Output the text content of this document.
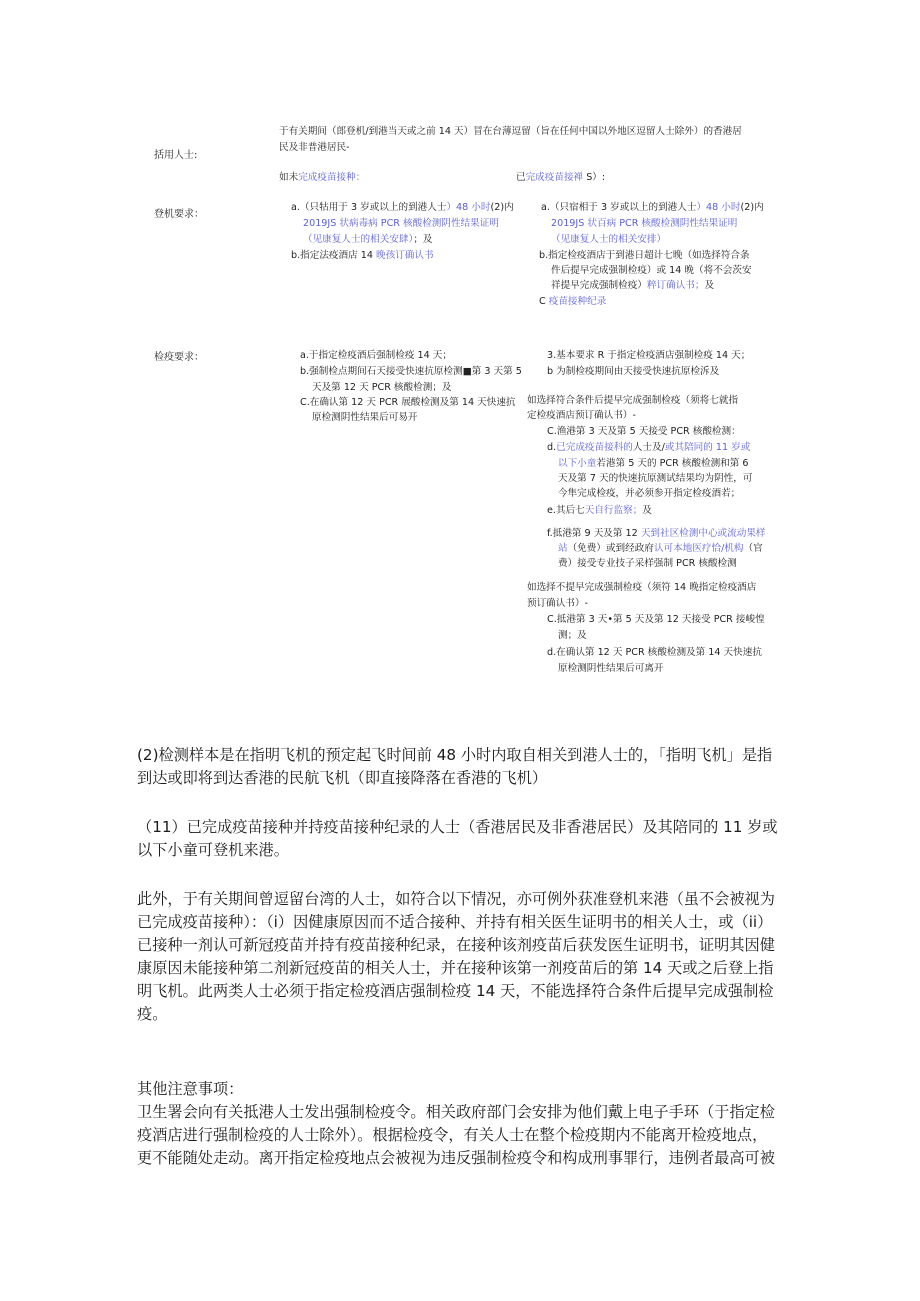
括用人士:
登机要求：
检疫要求：
于有关期间（郎登机/到港当天或之前 14 天）冒在台薄逗留（旨在任何中国以外地区逗留人士除外）的香港居
民及非普港居民-
如未完成疫苗接种：	已完成疫苗接禅 S）:
a.（只牯用于 3 岁或以上的到港人士）48 小时(2)内
2019JS 状病毒病 PCR 核酸检测阴性结果证明
（见康复人士的相关安肆）；及
b.指定法疫酒店 14 晚孩订确认书
a.（只宿相于 3 岁或以上的到港人士）48 小时(2)内
2019JS 状百病 PCR 核酸检测阴性结果证明
（见康复人士的相关安排）
b.指定检疫酒店于到港日超计七晚（如选择符合条
件后提早完成强制检疫）或 14 晚（将不会茨安
祥提早完成强制检疫）粹订确认书；及
C 疫苗接种纪录
a.于指定检疫酒后强制检疫 14 天；
b.强制检点期间石天接受快速抗原检测■第 3 天第 5
天及第 12 天 PCR 核酸检测；及
C.在确认第 12 天 PCR 展酸检测及第 14 天快速抗
原检测阴性结果后可易开
3.基本要求 R 于指定检疫酒店强制检疫 14 天；
b 为制检疫期间由天接受快速抗原检泝及
如选择符合条件后提早完成强制检疫（须将七就指
定检疫酒店预订确认书）-
C.渔港第 3 天及第 5 天接受 PCR 核酸检测：
d.已完成疫苗接科的人士及/或其陪同的 11 岁或
以下小童若港第 5 天的 PCR 核酸检测和第 6
天及第 7 天的快速抗原测试结果均为阴性，可
今隼完成检疫，并必须参开指定检疫酒若；
e.其后七天自行监察；及
f.抵港第 9 天及第 12 天到社区检测中心或流动果样
站（免费）或到经政府认可本地医疗恰/机构（官
费）接受专业技子采样强制 PCR 核酸检测
如选择不提早完成强制检疫（须符 14 晚指定检疫酒店
预订确认书）-
C.抵港第 3 天•第 5 天及第 12 天接受 PCR 接峻惶
测；及
d.在确认第 12 天 PCR 核酸检测及第 14 天快速抗
原检测阴性结果后可离开

(2)检测样本是在指明飞机的预定起飞时间前 48 小时内取自相关到港人士的，「指明飞机」是指

到达或即将到达香港的民航飞机（即直接降落在香港的飞机）

（11）已完成疫苗接种并持疫苗接种纪录的人士（香港居民及非香港居民）及其陪同的 11 岁或

以下小童可登机来港。

此外，于有关期间曾逗留台湾的人士，如符合以下情况，亦可例外获准登机来港（虽不会被视为

已完成疫苗接种）：（i）因健康原因而不适合接种、并持有相关医生证明书的相关人士，或（ii）

已接种一剂认可新冠疫苗并持有疫苗接种纪录，在接种该剂疫苗后获发医生证明书，证明其因健

康原因未能接种第二剂新冠疫苗的相关人士，并在接种该第一剂疫苗后的第 14 天或之后登上指

明飞机。此两类人士必须于指定检疫酒店强制检疫 14 天，不能选择符合条件后提早完成强制检

疫。

其他注意事项：

卫生署会向有关抵港人士发出强制检疫令。相关政府部门会安排为他们戴上电子手环（于指定检

疫酒店进行强制检疫的人士除外）。根据检疫令，有关人士在整个检疫期内不能离开检疫地点，

更不能随处走动。离开指定检疫地点会被视为违反强制检疫令和构成刑事罪行，违例者最高可被
